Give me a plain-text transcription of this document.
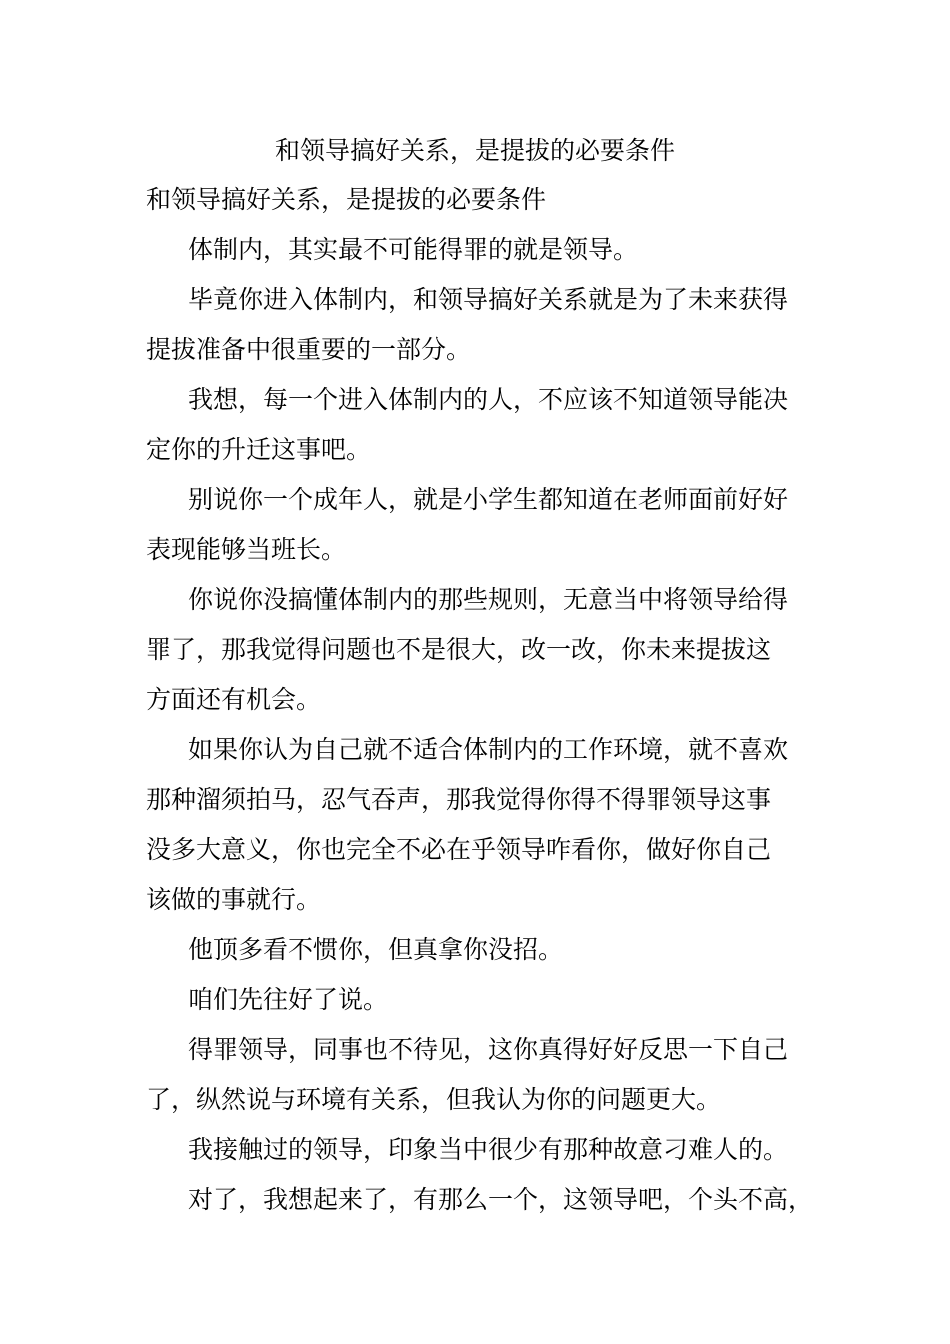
和领导搞好关系，是提拔的必要条件
和领导搞好关系，是提拔的必要条件
体制内，其实最不可能得罪的就是领导。
毕竟你进入体制内，和领导搞好关系就是为了未来获得
提拔准备中很重要的一部分。
我想，每一个进入体制内的人，不应该不知道领导能决
定你的升迁这事吧。
别说你一个成年人，就是小学生都知道在老师面前好好
表现能够当班长。
你说你没搞懂体制内的那些规则，无意当中将领导给得
罪了，那我觉得问题也不是很大，改一改，你未来提拔这
方面还有机会。
如果你认为自己就不适合体制内的工作环境，就不喜欢
那种溜须拍马，忍气吞声，那我觉得你得不得罪领导这事
没多大意义，你也完全不必在乎领导咋看你，做好你自己
该做的事就行。
他顶多看不惯你，但真拿你没招。
咱们先往好了说。
得罪领导，同事也不待见，这你真得好好反思一下自己
了，纵然说与环境有关系，但我认为你的问题更大。
我接触过的领导，印象当中很少有那种故意刁难人的。
对了，我想起来了，有那么一个，这领导吧，个头不高，
